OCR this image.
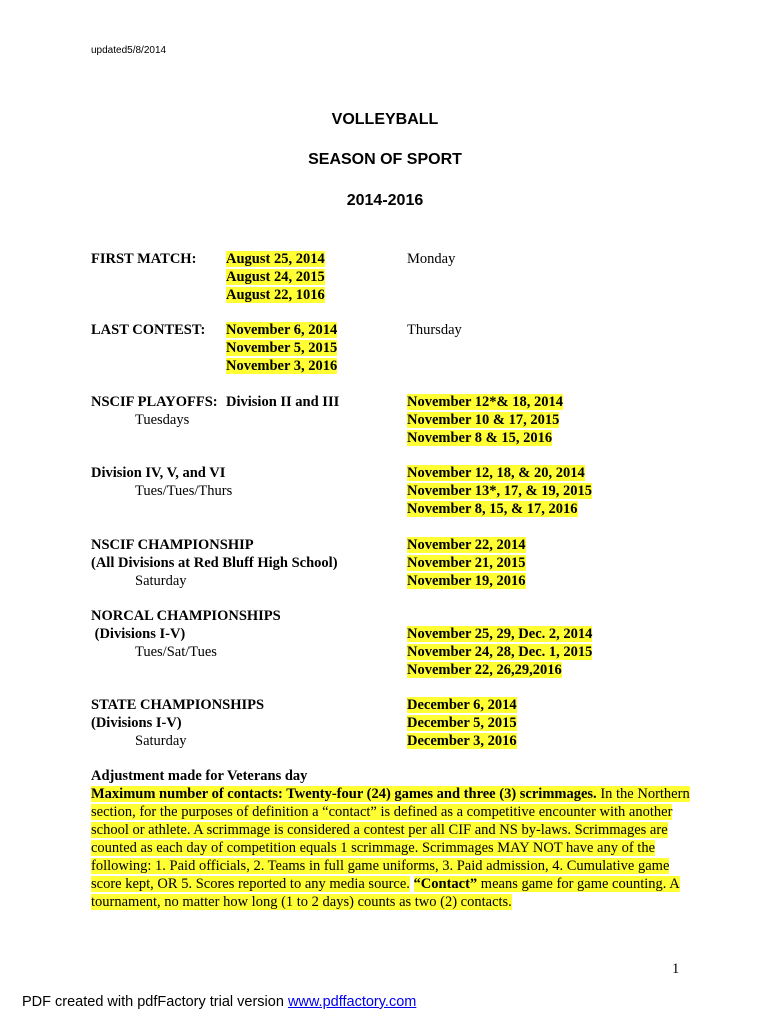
updated5/8/2014
VOLLEYBALL
SEASON OF SPORT
2014-2016
FIRST MATCH: August 25, 2014
August 24, 2015
August 22, 1016
Monday
LAST CONTEST: November 6, 2014
November 5, 2015
November 3, 2016
Thursday
NSCIF PLAYOFFS: Division II and III
Tuesdays
November 12*& 18, 2014
November 10 & 17, 2015
November 8 & 15, 2016
Division IV, V, and VI
Tues/Tues/Thurs
November 12, 18, & 20, 2014
November 13*, 17, & 19, 2015
November 8, 15, & 17, 2016
NSCIF CHAMPIONSHIP
(All Divisions at Red Bluff High School)
Saturday
November 22, 2014
November 21, 2015
November 19, 2016
NORCAL CHAMPIONSHIPS
(Divisions I-V)
Tues/Sat/Tues
November 25, 29, Dec. 2, 2014
November 24, 28, Dec. 1, 2015
November 22, 26,29,2016
STATE CHAMPIONSHIPS
(Divisions I-V)
Saturday
December 6, 2014
December 5, 2015
December 3, 2016
Adjustment made for Veterans day
Maximum number of contacts: Twenty-four (24) games and three (3) scrimmages. In the Northern section, for the purposes of definition a “contact” is defined as a competitive encounter with another school or athlete. A scrimmage is considered a contest per all CIF and NS by-laws. Scrimmages are counted as each day of competition equals 1 scrimmage. Scrimmages MAY NOT have any of the following: 1. Paid officials, 2. Teams in full game uniforms, 3. Paid admission, 4. Cumulative game score kept, OR 5. Scores reported to any media source. “Contact” means game for game counting. A tournament, no matter how long (1 to 2 days) counts as two (2) contacts.
1
PDF created with pdfFactory trial version www.pdffactory.com
